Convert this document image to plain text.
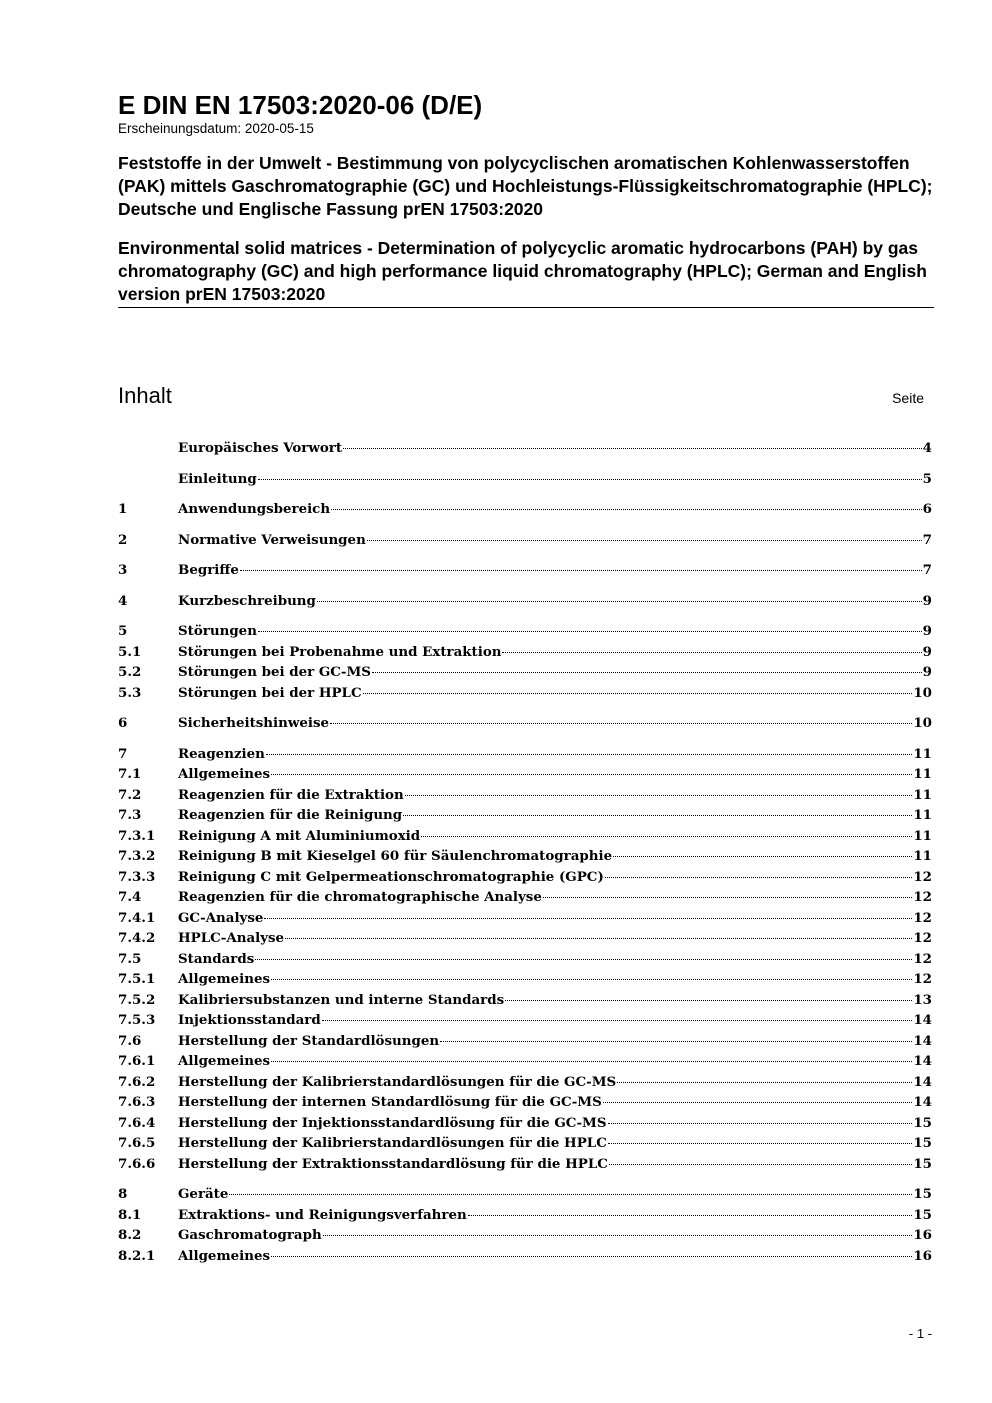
E DIN EN 17503:2020-06 (D/E)

Erscheinungsdatum: 2020-05-15

Feststoffe in der Umwelt - Bestimmung von polycyclischen aromatischen Kohlenwasserstoffen (PAK) mittels Gaschromatographie (GC) und Hochleistungs-Flüssigkeitschromatographie (HPLC); Deutsche und Englische Fassung prEN 17503:2020

Environmental solid matrices - Determination of polycyclic aromatic hydrocarbons (PAH) by gas chromatography (GC) and high performance liquid chromatography (HPLC); German and English version prEN 17503:2020

Inhalt	Seite
Europäisches Vorwort	4
Einleitung	5
1	Anwendungsbereich	6
2	Normative Verweisungen	7
3	Begriffe	7
4	Kurzbeschreibung	9
5	Störungen	9
5.1	Störungen bei Probenahme und Extraktion	9
5.2	Störungen bei der GC-MS	9
5.3	Störungen bei der HPLC	10
6	Sicherheitshinweise	10
7	Reagenzien	11
7.1	Allgemeines	11
7.2	Reagenzien für die Extraktion	11
7.3	Reagenzien für die Reinigung	11
7.3.1	Reinigung A mit Aluminiumoxid	11
7.3.2	Reinigung B mit Kieselgel 60 für Säulenchromatographie	11
7.3.3	Reinigung C mit Gelpermeationschromatographie (GPC)	12
7.4	Reagenzien für die chromatographische Analyse	12
7.4.1	GC-Analyse	12
7.4.2	HPLC-Analyse	12
7.5	Standards	12
7.5.1	Allgemeines	12
7.5.2	Kalibriersubstanzen und interne Standards	13
7.5.3	Injektionsstandard	14
7.6	Herstellung der Standardlösungen	14
7.6.1	Allgemeines	14
7.6.2	Herstellung der Kalibrierstandardlösungen für die GC-MS	14
7.6.3	Herstellung der internen Standardlösung für die GC-MS	14
7.6.4	Herstellung der Injektionsstandardlösung für die GC-MS	15
7.6.5	Herstellung der Kalibrierstandardlösungen für die HPLC	15
7.6.6	Herstellung der Extraktionsstandardlösung für die HPLC	15
8	Geräte	15
8.1	Extraktions- und Reinigungsverfahren	15
8.2	Gaschromatograph	16
8.2.1	Allgemeines	16
- 1 -
